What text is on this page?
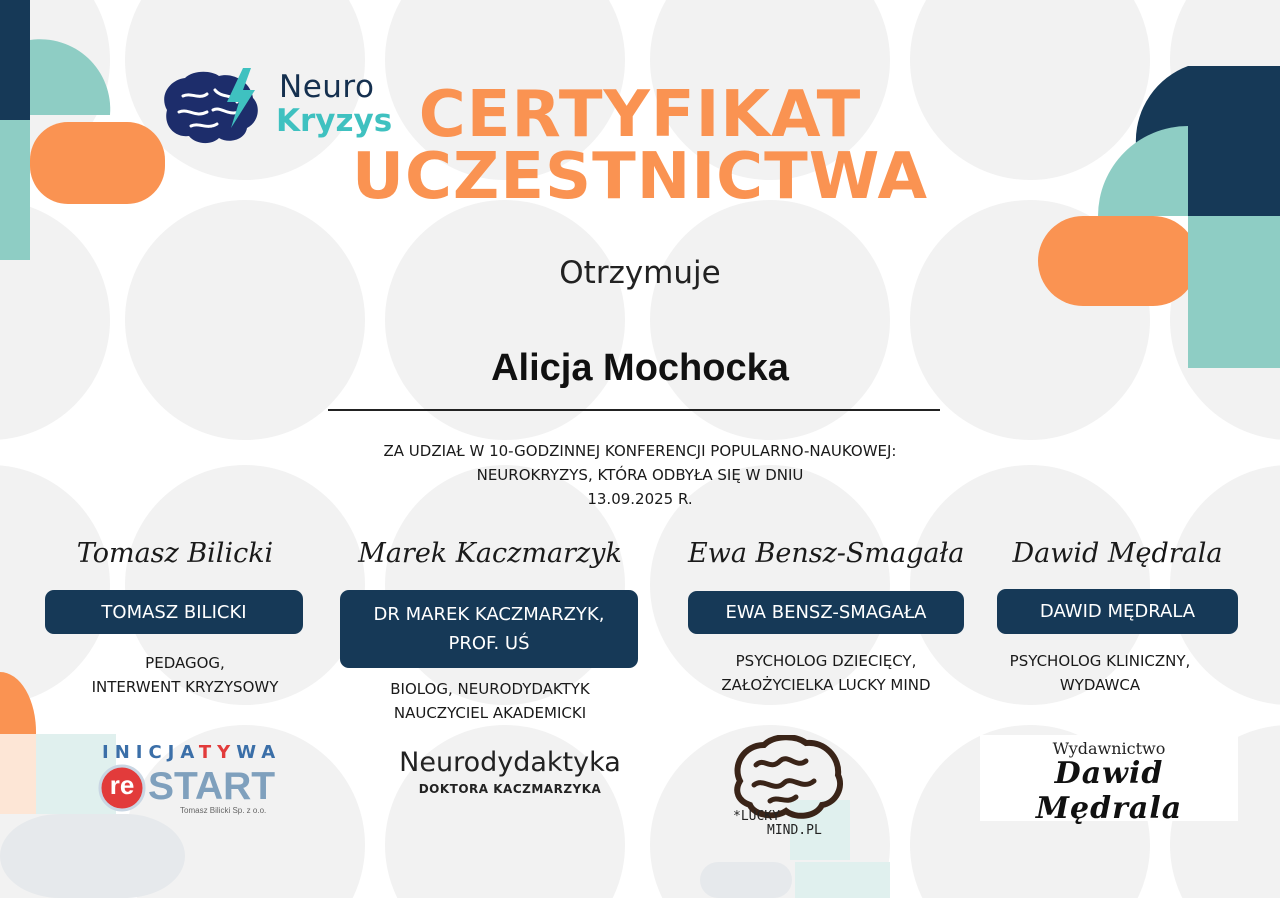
Neuro
Kryzys CERTYFIKAT
UCZESTNICTWA
Otrzymuje
Alicja Mochocka
ZA UDZIAŁ W 10-GODZINNEJ KONFERENCJI POPULARNO-NAUKOWEJ:
NEUROKRYZYS, KTÓRA ODBYŁA SIĘ W DNIU
13.09.2025 R.
Tomasz Bilicki
TOMASZ BILICKI
PEDAGOG,
INTERWENT KRYZYSOWY
Marek Kaczmarzyk
DR MAREK KACZMARZYK,
PROF. UŚ
BIOLOG, NEURODYDAKTYK
NAUCZYCIEL AKADEMICKI
Ewa Bensz-Smagała
EWA BENSZ-SMAGAŁA
PSYCHOLOG DZIECIĘCY,
ZAŁOŻYCIELKA LUCKY MIND
Dawid Mędrala
DAWID MĘDRALA
PSYCHOLOG KLINICZNY,
WYDAWCA
INICJATYWA
re START
Tomasz Bilicki Sp. z o.o.
Neurodydaktyka
DOKTORA KACZMARZYKA
*LUCKY
MIND.PL
Wydawnictwo
Dawid Mędrala
